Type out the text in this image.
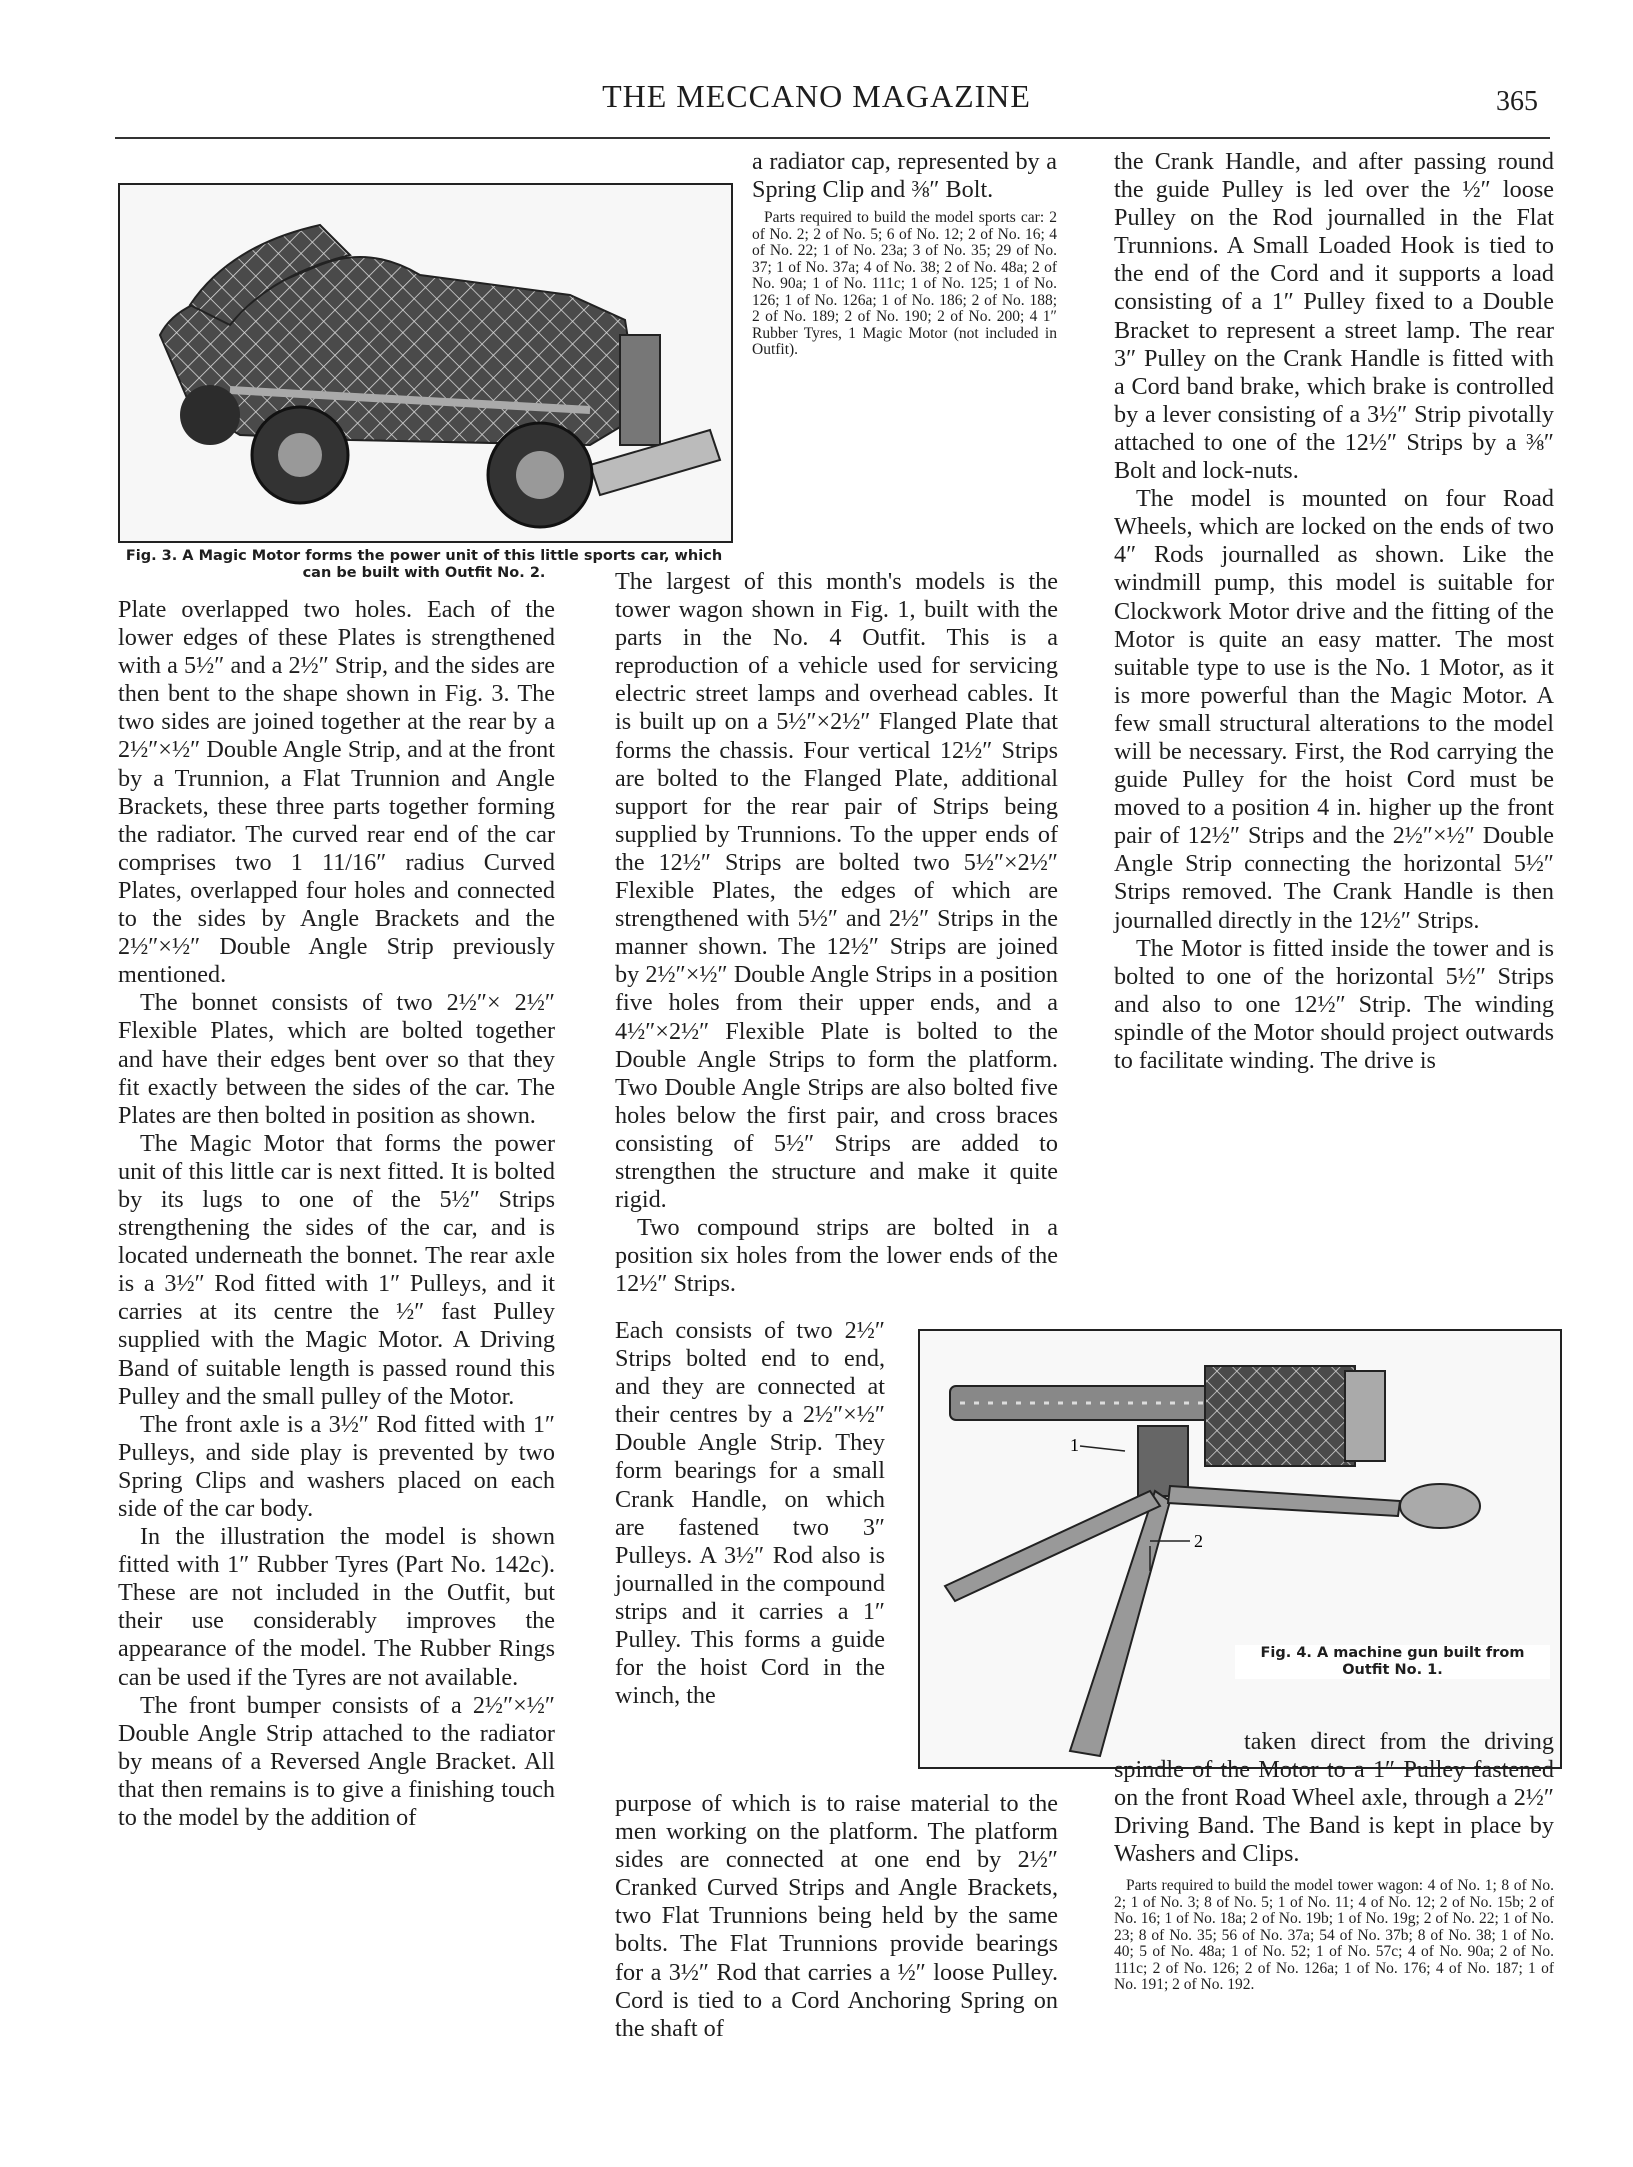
THE MECCANO MAGAZINE	365
Fig. 3. A Magic Motor forms the power unit of this little sports car, which can be built with Outfit No. 2.

Plate overlapped two holes. Each of the lower edges of these Plates is strengthened with a 5½″ and a 2½″ Strip, and the sides are then bent to the shape shown in Fig. 3. The two sides are joined together at the rear by a 2½″×½″ Double Angle Strip, and at the front by a Trunnion, a Flat Trunnion and Angle Brackets, these three parts together forming the radiator. The curved rear end of the car comprises two 1 11/16″ radius Curved Plates, overlapped four holes and connected to the sides by Angle Brackets and the 2½″×½″ Double Angle Strip previously mentioned.

The bonnet consists of two 2½″× 2½″ Flexible Plates, which are bolted together and have their edges bent over so that they fit exactly between the sides of the car. The Plates are then bolted in position as shown.

The Magic Motor that forms the power unit of this little car is next fitted. It is bolted by its lugs to one of the 5½″ Strips strengthening the sides of the car, and is located underneath the bonnet. The rear axle is a 3½″ Rod fitted with 1″ Pulleys, and it carries at its centre the ½″ fast Pulley supplied with the Magic Motor. A Driving Band of suitable length is passed round this Pulley and the small pulley of the Motor.

The front axle is a 3½″ Rod fitted with 1″ Pulleys, and side play is prevented by two Spring Clips and washers placed on each side of the car body.

In the illustration the model is shown fitted with 1″ Rubber Tyres (Part No. 142c). These are not included in the Outfit, but their use considerably improves the appearance of the model. The Rubber Rings can be used if the Tyres are not available.

The front bumper consists of a 2½″×½″ Double Angle Strip attached to the radiator by means of a Reversed Angle Bracket. All that then remains is to give a finishing touch to the model by the addition of

a radiator cap, represented by a Spring Clip and ⅜″ Bolt.

Parts required to build the model sports car: 2 of No. 2; 2 of No. 5; 6 of No. 12; 2 of No. 16; 4 of No. 22; 1 of No. 23a; 3 of No. 35; 29 of No. 37; 1 of No. 37a; 4 of No. 38; 2 of No. 48a; 2 of No. 90a; 1 of No. 111c; 1 of No. 125; 1 of No. 126; 1 of No. 126a; 1 of No. 186; 2 of No. 188; 2 of No. 189; 2 of No. 190; 2 of No. 200; 4 1″ Rubber Tyres, 1 Magic Motor (not included in Outfit).

The largest of this month's models is the tower wagon shown in Fig. 1, built with the parts in the No. 4 Outfit. This is a reproduction of a vehicle used for servicing electric street lamps and overhead cables. It is built up on a 5½″×2½″ Flanged Plate that forms the chassis. Four vertical 12½″ Strips are bolted to the Flanged Plate, additional support for the rear pair of Strips being supplied by Trunnions. To the upper ends of the 12½″ Strips are bolted two 5½″×2½″ Flexible Plates, the edges of which are strengthened with 5½″ and 2½″ Strips in the manner shown. The 12½″ Strips are joined by 2½″×½″ Double Angle Strips in a position five holes from their upper ends, and a 4½″×2½″ Flexible Plate is bolted to the Double Angle Strips to form the platform. Two Double Angle Strips are also bolted five holes below the first pair, and cross braces consisting of 5½″ Strips are added to strengthen the structure and make it quite rigid.

Two compound strips are bolted in a position six holes from the lower ends of the 12½″ Strips.

Each consists of two 2½″ Strips bolted end to end, and they are connected at their centres by a 2½″×½″ Double Angle Strip. They form bearings for a small Crank Handle, on which are fastened two 3″ Pulleys. A 3½″ Rod also is journalled in the compound strips and it carries a 1″ Pulley. This forms a guide for the hoist Cord in the winch, the

purpose of which is to raise material to the men working on the platform. The platform sides are connected at one end by 2½″ Cranked Curved Strips and Angle Brackets, two Flat Trunnions being held by the same bolts. The Flat Trunnions provide bearings for a 3½″ Rod that carries a ½″ loose Pulley. Cord is tied to a Cord Anchoring Spring on the shaft of

the Crank Handle, and after passing round the guide Pulley is led over the ½″ loose Pulley on the Rod journalled in the Flat Trunnions. A Small Loaded Hook is tied to the end of the Cord and it supports a load consisting of a 1″ Pulley fixed to a Double Bracket to represent a street lamp. The rear 3″ Pulley on the Crank Handle is fitted with a Cord band brake, which brake is controlled by a lever consisting of a 3½″ Strip pivotally attached to one of the 12½″ Strips by a ⅜″ Bolt and lock-nuts.

The model is mounted on four Road Wheels, which are locked on the ends of two 4″ Rods journalled as shown. Like the windmill pump, this model is suitable for Clockwork Motor drive and the fitting of the Motor is quite an easy matter. The most suitable type to use is the No. 1 Motor, as it is more powerful than the Magic Motor. A few small structural alterations to the model will be necessary. First, the Rod carrying the guide Pulley for the hoist Cord must be moved to a position 4 in. higher up the front pair of 12½″ Strips and the 2½″×½″ Double Angle Strip connecting the horizontal 5½″ Strips removed. The Crank Handle is then journalled directly in the 12½″ Strips.

The Motor is fitted inside the tower and is bolted to one of the horizontal 5½″ Strips and also to one 12½″ Strip. The winding spindle of the Motor should project outwards to facilitate winding. The drive is

1
2
Fig. 4. A machine gun built from Outfit No. 1.

taken direct from the driving spindle of the Motor to a 1″ Pulley fastened on the front Road Wheel axle, through a 2½″ Driving Band. The Band is kept in place by Washers and Clips.

Parts required to build the model tower wagon: 4 of No. 1; 8 of No. 2; 1 of No. 3; 8 of No. 5; 1 of No. 11; 4 of No. 12; 2 of No. 15b; 2 of No. 16; 1 of No. 18a; 2 of No. 19b; 1 of No. 19g; 2 of No. 22; 1 of No. 23; 8 of No. 35; 56 of No. 37a; 54 of No. 37b; 8 of No. 38; 1 of No. 40; 5 of No. 48a; 1 of No. 52; 1 of No. 57c; 4 of No. 90a; 2 of No. 111c; 2 of No. 126; 2 of No. 126a; 1 of No. 176; 4 of No. 187; 1 of No. 191; 2 of No. 192.
